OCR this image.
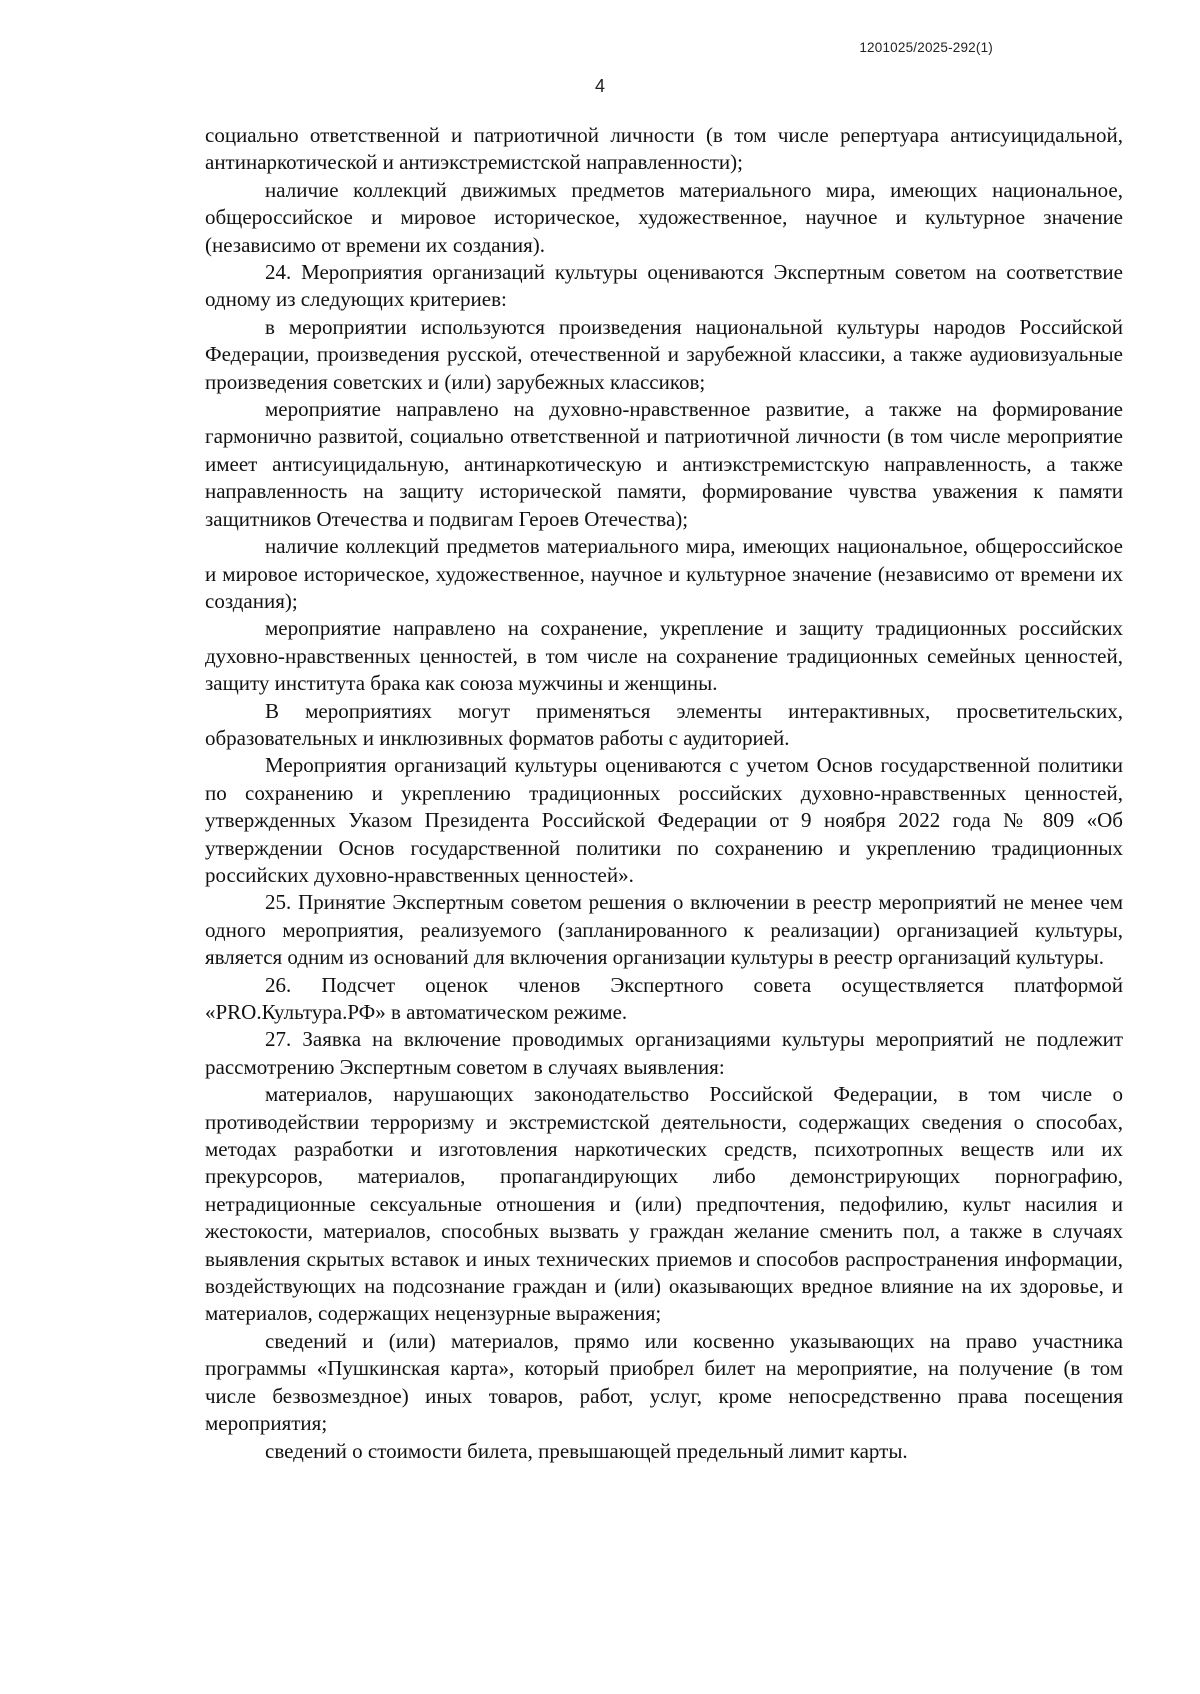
1201025/2025-292(1)
4

социально ответственной и патриотичной личности (в том числе репертуара антисуицидальной, антинаркотической и антиэкстремистской направленности);

наличие коллекций движимых предметов материального мира, имеющих национальное, общероссийское и мировое историческое, художественное, научное и культурное значение (независимо от времени их создания).

24. Мероприятия организаций культуры оцениваются Экспертным советом на соответствие одному из следующих критериев:

в мероприятии используются произведения национальной культуры народов Российской Федерации, произведения русской, отечественной и зарубежной классики, а также аудиовизуальные произведения советских и (или) зарубежных классиков;

мероприятие направлено на духовно-нравственное развитие, а также на формирование гармонично развитой, социально ответственной и патриотичной личности (в том числе мероприятие имеет антисуицидальную, антинаркотическую и антиэкстремистскую направленность, а также направленность на защиту исторической памяти, формирование чувства уважения к памяти защитников Отечества и подвигам Героев Отечества);

наличие коллекций предметов материального мира, имеющих национальное, общероссийское и мировое историческое, художественное, научное и культурное значение (независимо от времени их создания);

мероприятие направлено на сохранение, укрепление и защиту традиционных российских духовно-нравственных ценностей, в том числе на сохранение традиционных семейных ценностей, защиту института брака как союза мужчины и женщины.

В мероприятиях могут применяться элементы интерактивных, просветительских, образовательных и инклюзивных форматов работы с аудиторией.

Мероприятия организаций культуры оцениваются с учетом Основ государственной политики по сохранению и укреплению традиционных российских духовно-нравственных ценностей, утвержденных Указом Президента Российской Федерации от 9 ноября 2022 года № 809 «Об утверждении Основ государственной политики по сохранению и укреплению традиционных российских духовно-нравственных ценностей».

25. Принятие Экспертным советом решения о включении в реестр мероприятий не менее чем одного мероприятия, реализуемого (запланированного к реализации) организацией культуры, является одним из оснований для включения организации культуры в реестр организаций культуры.

26. Подсчет оценок членов Экспертного совета осуществляется платформой «PRO.Культура.РФ» в автоматическом режиме.

27. Заявка на включение проводимых организациями культуры мероприятий не подлежит рассмотрению Экспертным советом в случаях выявления:

материалов, нарушающих законодательство Российской Федерации, в том числе о противодействии терроризму и экстремистской деятельности, содержащих сведения о способах, методах разработки и изготовления наркотических средств, психотропных веществ или их прекурсоров, материалов, пропагандирующих либо демонстрирующих порнографию, нетрадиционные сексуальные отношения и (или) предпочтения, педофилию, культ насилия и жестокости, материалов, способных вызвать у граждан желание сменить пол, а также в случаях выявления скрытых вставок и иных технических приемов и способов распространения информации, воздействующих на подсознание граждан и (или) оказывающих вредное влияние на их здоровье, и материалов, содержащих нецензурные выражения;

сведений и (или) материалов, прямо или косвенно указывающих на право участника программы «Пушкинская карта», который приобрел билет на мероприятие, на получение (в том числе безвозмездное) иных товаров, работ, услуг, кроме непосредственно права посещения мероприятия;

сведений о стоимости билета, превышающей предельный лимит карты.
